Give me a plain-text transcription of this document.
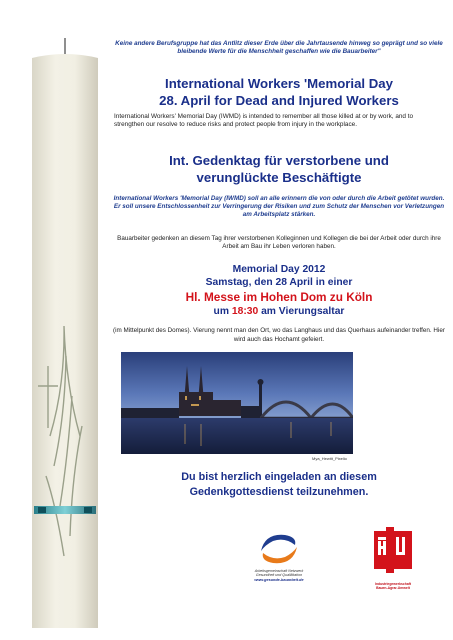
Keine andere Berufsgruppe hat das Antlitz dieser Erde über die Jahrtausende hinweg so geprägt und so viele bleibende Werte für die Menschheit geschaffen wie die Bauarbeiter"
International Workers 'Memorial Day
28. April for Dead and Injured Workers
International Workers' Memorial Day (IWMD) is intended to remember all those killed at or by work, and to strengthen our resolve to reduce risks and protect people from injury in the workplace.
Int. Gedenktag für verstorbene und
verunglückte Beschäftigte
International Workers 'Memorial Day (IWMD) soll an alle erinnern die von oder durch die Arbeit getötet wurden. Er soll unsere Entschlossenheit zur Verringerung der Risiken und zum Schutz der Menschen vor Verletzungen am Arbeitsplatz stärken.
Bauarbeiter gedenken an diesem Tag ihrer verstorbenen Kolleginnen und Kollegen die bei der Arbeit oder durch ihre Arbeit am Bau ihr Leben verloren haben.
Memorial Day 2012
Samstag, den 28 April in einer
Hl. Messe im Hohen Dom zu Köln
um 18:30 am Vierungsaltar
(im Mittelpunkt des Domes). Vierung nennt man den Ort, wo das Langhaus und das Querhaus aufeinander treffen. Hier wird auch das Hochamt gefeiert.
Mya_Hewitt_Pixelio
Du bist herzlich eingeladen an diesem
Gedenkgottesdienst teilzunehmen.
Arbeitsgemeinschaft Netzwerk
Gesundheit und Qualifikation
www.gesunde-bauarbeit.de
Industriegewerkschaft
Bauen-Agrar-Umwelt
